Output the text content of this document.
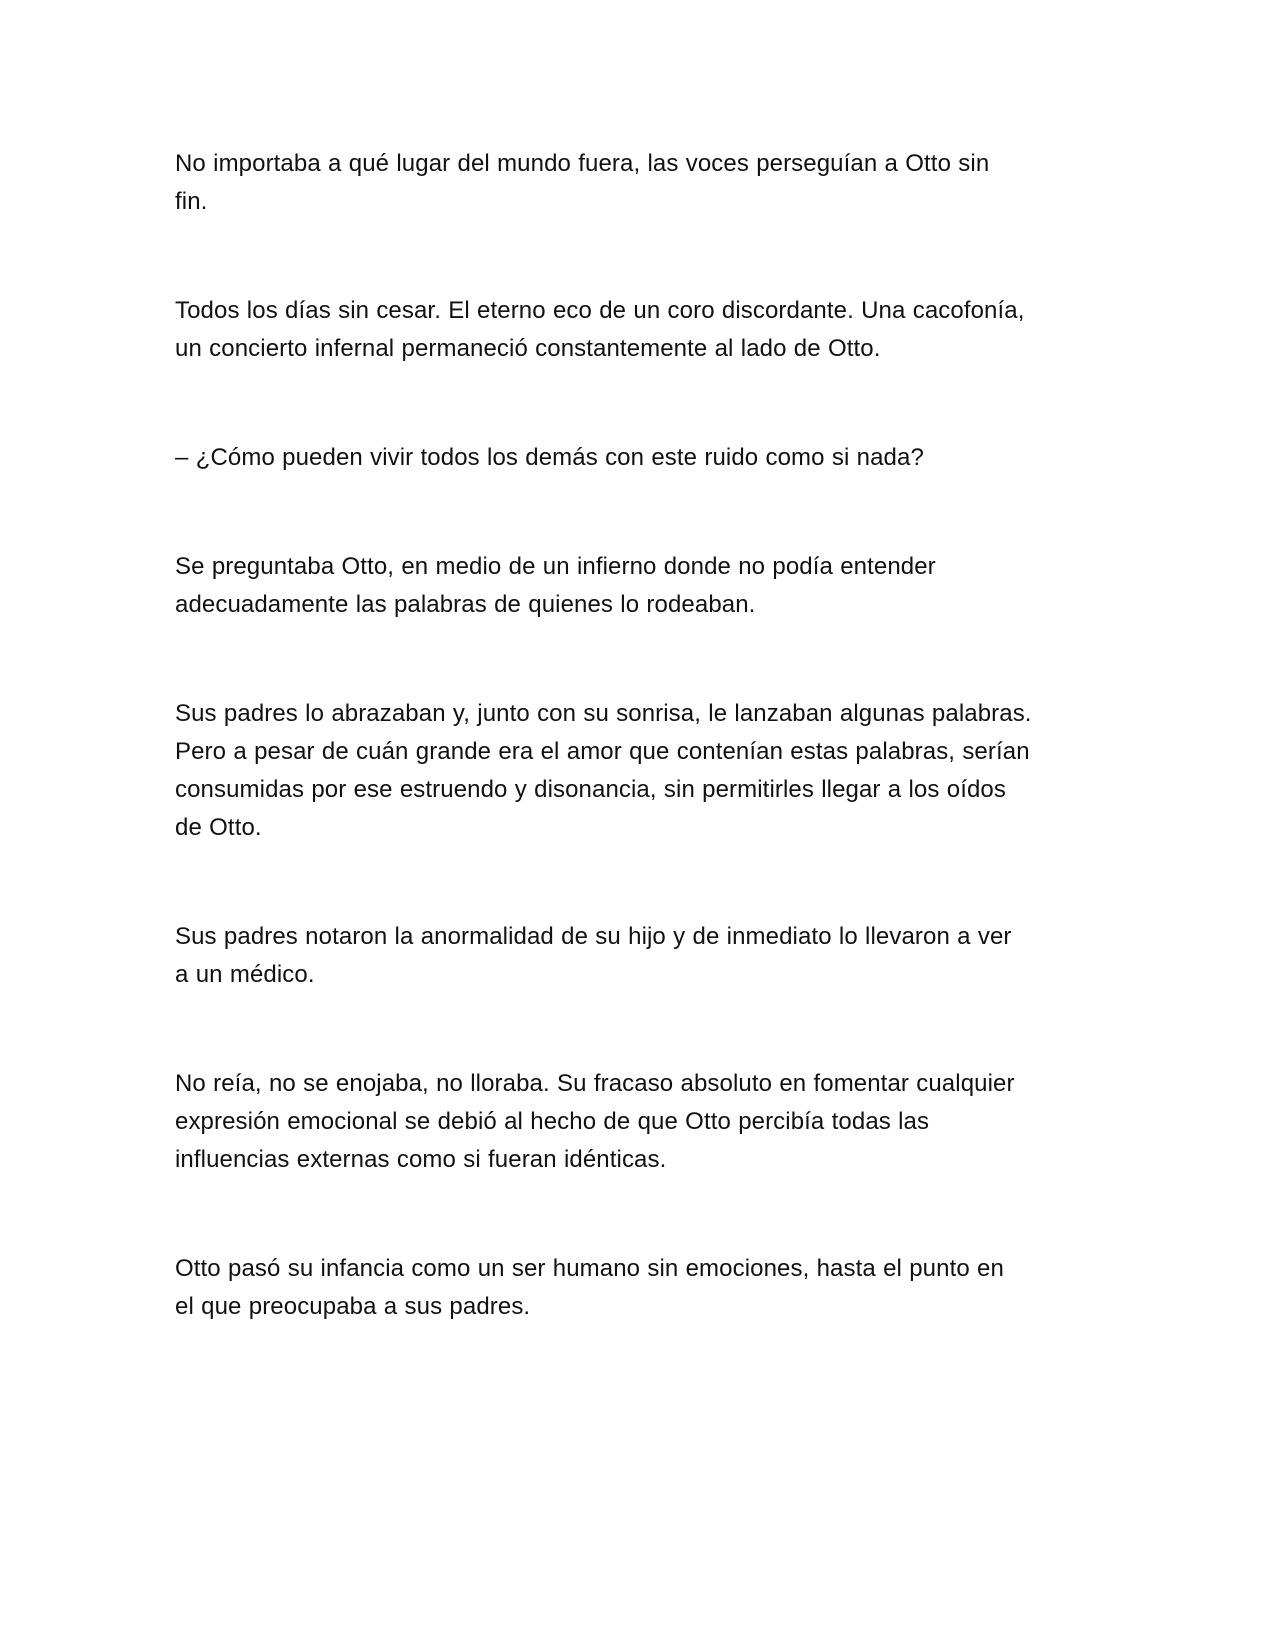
No importaba a qué lugar del mundo fuera, las voces perseguían a Otto sin
fin.

Todos los días sin cesar. El eterno eco de un coro discordante. Una cacofonía,
un concierto infernal permaneció constantemente al lado de Otto.

– ¿Cómo pueden vivir todos los demás con este ruido como si nada?

Se preguntaba Otto, en medio de un infierno donde no podía entender
adecuadamente las palabras de quienes lo rodeaban.

Sus padres lo abrazaban y, junto con su sonrisa, le lanzaban algunas palabras.
Pero a pesar de cuán grande era el amor que contenían estas palabras, serían
consumidas por ese estruendo y disonancia, sin permitirles llegar a los oídos
de Otto.

Sus padres notaron la anormalidad de su hijo y de inmediato lo llevaron a ver
a un médico.

No reía, no se enojaba, no lloraba. Su fracaso absoluto en fomentar cualquier
expresión emocional se debió al hecho de que Otto percibía todas las
influencias externas como si fueran idénticas.

Otto pasó su infancia como un ser humano sin emociones, hasta el punto en
el que preocupaba a sus padres.
